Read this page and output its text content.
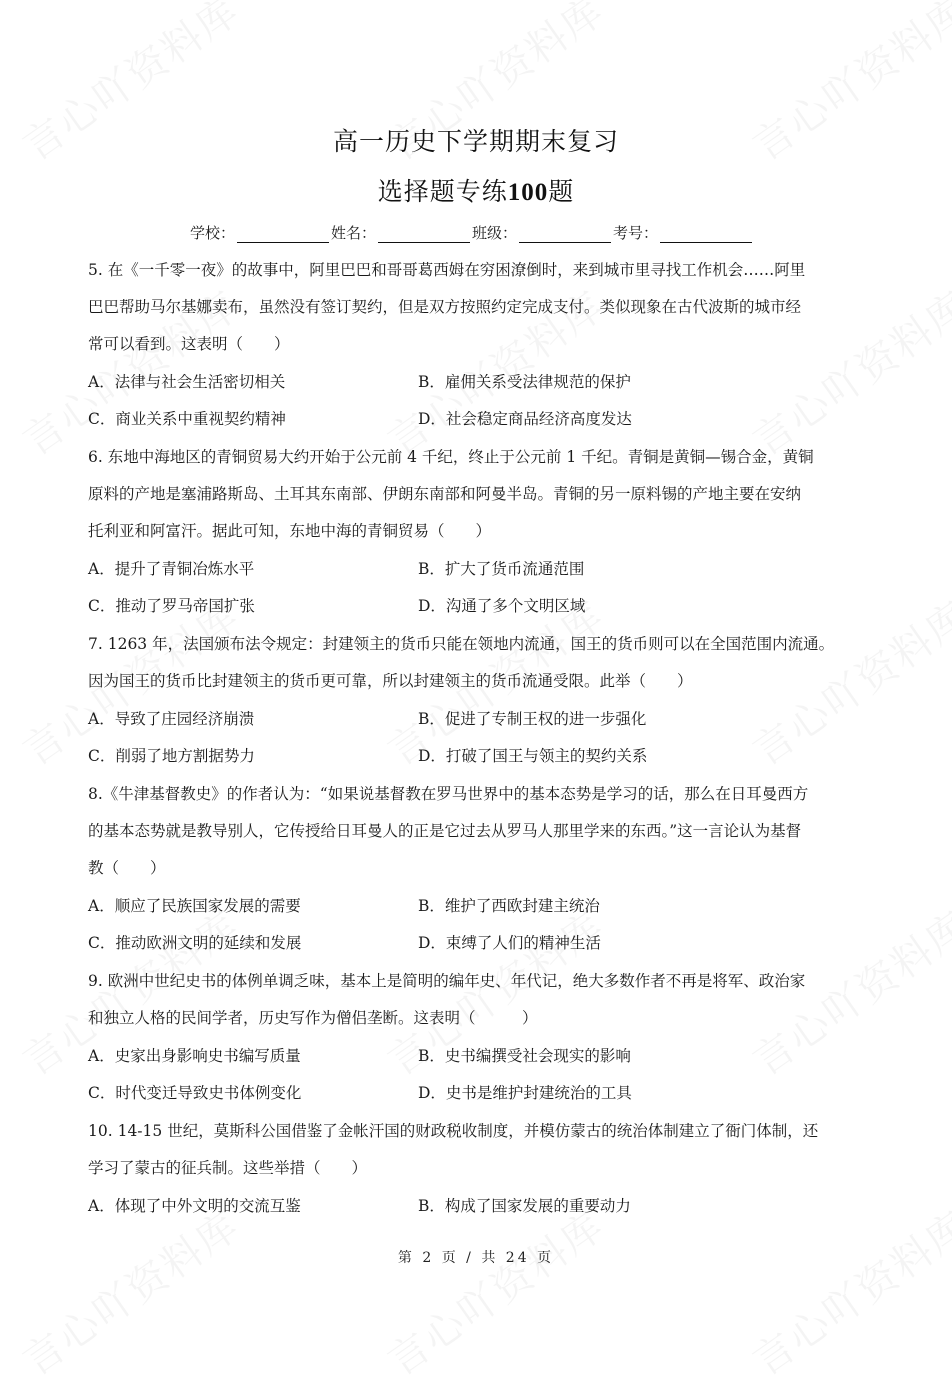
高一历史下学期期末复习
选择题专练100题
学校：	姓名：	班级：	考号：
5. 在《一千零一夜》的故事中，阿里巴巴和哥哥葛西姆在穷困潦倒时，来到城市里寻找工作机会……阿里
巴巴帮助马尔基娜卖布，虽然没有签订契约，但是双方按照约定完成支付。类似现象在古代波斯的城市经
常可以看到。这表明（　　）
A．法律与社会生活密切相关	B．雇佣关系受法律规范的保护
C．商业关系中重视契约精神	D．社会稳定商品经济高度发达
6. 东地中海地区的青铜贸易大约开始于公元前 4 千纪，终止于公元前 1 千纪。青铜是黄铜—锡合金，黄铜
原料的产地是塞浦路斯岛、土耳其东南部、伊朗东南部和阿曼半岛。青铜的另一原料锡的产地主要在安纳
托利亚和阿富汗。据此可知，东地中海的青铜贸易（　　）
A．提升了青铜冶炼水平	B．扩大了货币流通范围
C．推动了罗马帝国扩张	D．沟通了多个文明区域
7. 1263 年，法国颁布法令规定：封建领主的货币只能在领地内流通，国王的货币则可以在全国范围内流通。
因为国王的货币比封建领主的货币更可靠，所以封建领主的货币流通受限。此举（　　）
A．导致了庄园经济崩溃	B．促进了专制王权的进一步强化
C．削弱了地方割据势力	D．打破了国王与领主的契约关系
8.《牛津基督教史》的作者认为：“如果说基督教在罗马世界中的基本态势是学习的话，那么在日耳曼西方
的基本态势就是教导别人，它传授给日耳曼人的正是它过去从罗马人那里学来的东西。”这一言论认为基督
教（　　）
A．顺应了民族国家发展的需要	B．维护了西欧封建主统治
C．推动欧洲文明的延续和发展	D．束缚了人们的精神生活
9. 欧洲中世纪史书的体例单调乏味，基本上是简明的编年史、年代记，绝大多数作者不再是将军、政治家
和独立人格的民间学者，历史写作为僧侣垄断。这表明（　　　）
A．史家出身影响史书编写质量	B．史书编撰受社会现实的影响
C．时代变迁导致史书体例变化	D．史书是维护封建统治的工具
10. 14-15 世纪，莫斯科公国借鉴了金帐汗国的财政税收制度，并模仿蒙古的统治体制建立了衙门体制，还
学习了蒙古的征兵制。这些举措（　　）
A．体现了中外文明的交流互鉴	B．构成了国家发展的重要动力
第 2 页 / 共 24 页
